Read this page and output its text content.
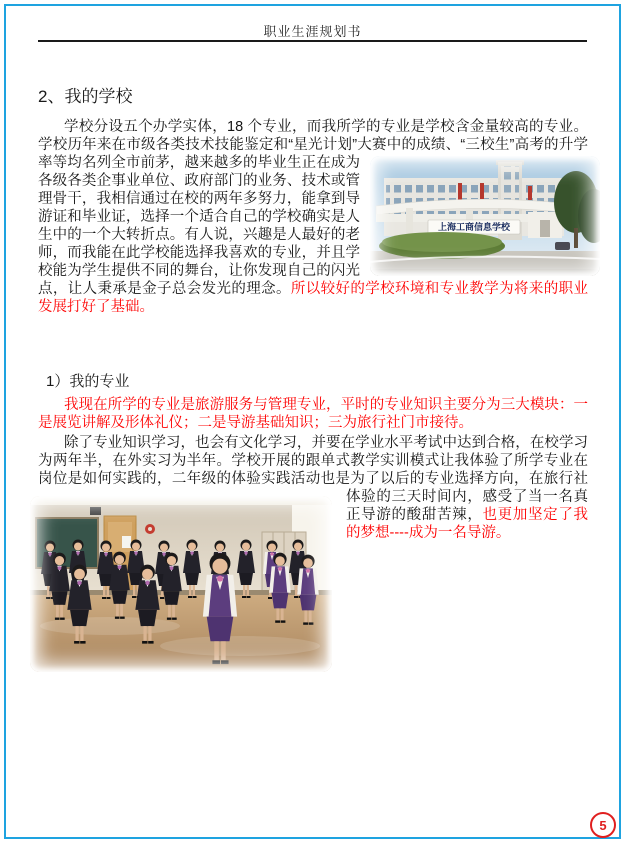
职业生涯规划书
2、我的学校

学校分设五个办学实体，18 个专业，而我所学的专业是学校含金量较高的专业。学校历年来在市级各类技术技能鉴定和“星光计划”大赛中的成绩、“三校生”高考的升学率
上海工商信息学校
等均名列全市前茅，越来越多的毕业生正在成为各级各类企事业单位、政府部门的业务、技术或管理骨干，我相信通过在校的两年多努力，能拿到导游证和毕业证，选择一个适合自己的学校确实是人生中的一个大转折点。有人说，兴趣是人最好的老师，而我能在此学校能选择我喜欢的专业，并且学校能为学生提供不同的舞台，让你发现自己的闪光点，让人秉承是金子总会发光的理念。所以较好的学校环境和专业教学为将来的职业发展打好了基础。

1）我的专业

我现在所学的专业是旅游服务与管理专业，平时的专业知识主要分为三大模块：一是展览讲解及形体礼仪；二是导游基础知识；三为旅行社门市接待。

除了专业知识学习，也会有文化学习，并要在学业水平考试中达到合格，在校学习为两年半，在外实习为半年。学校开展的跟单式教学实训模式让我体验了所学专业在岗位是如何实践的，二年级的体验实践活动也是为了以后的专业选择方向，在旅行社体验的三天
时间内，感受了当一名真正导游的酸甜苦辣，也更加坚定了我的梦想----成为一名导游。

5
